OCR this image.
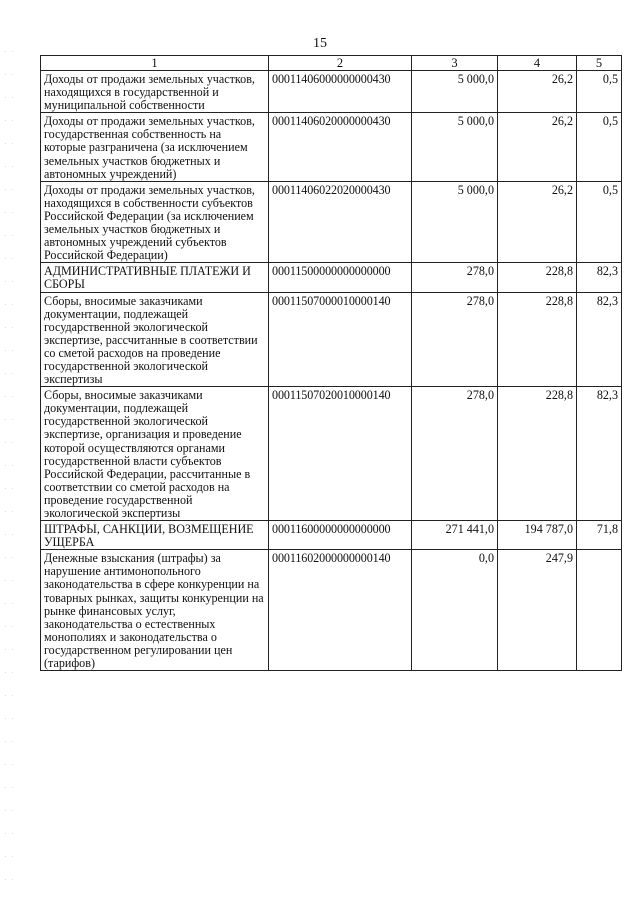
15
1	2	3	4	5
Доходы от продажи земельных участков, находящихся в государственной и муниципальной собственности	00011406000000000430	5 000,0	26,2	0,5
Доходы от продажи земельных участков, государственная собственность на которые разграничена (за исключением земельных участков бюджетных и автономных учреждений)	00011406020000000430	5 000,0	26,2	0,5
Доходы от продажи земельных участков, находящихся в собственности субъектов Российской Федерации (за исключением земельных участков бюджетных и автономных учреждений субъектов Российской Федерации)	00011406022020000430	5 000,0	26,2	0,5
АДМИНИСТРАТИВНЫЕ ПЛАТЕЖИ И СБОРЫ	00011500000000000000	278,0	228,8	82,3
Сборы, вносимые заказчиками документации, подлежащей государственной экологической экспертизе, рассчитанные в соответствии со сметой расходов на проведение государственной экологической экспертизы	00011507000010000140	278,0	228,8	82,3
Сборы, вносимые заказчиками документации, подлежащей государственной экологической экспертизе, организация и проведение которой осуществляются органами государственной власти субъектов Российской Федерации, рассчитанные в соответствии со сметой расходов на проведение государственной экологической экспертизы	00011507020010000140	278,0	228,8	82,3
ШТРАФЫ, САНКЦИИ, ВОЗМЕЩЕНИЕ УЩЕРБА	00011600000000000000	271 441,0	194 787,0	71,8
Денежные взыскания (штрафы) за нарушение антимонопольного законодательства в сфере конкуренции на товарных рынках, защиты конкуренции на рынке финансовых услуг, законодательства о естественных монополиях и законодательства о государственном регулировании цен (тарифов)	00011602000000000140	0,0	247,9	
